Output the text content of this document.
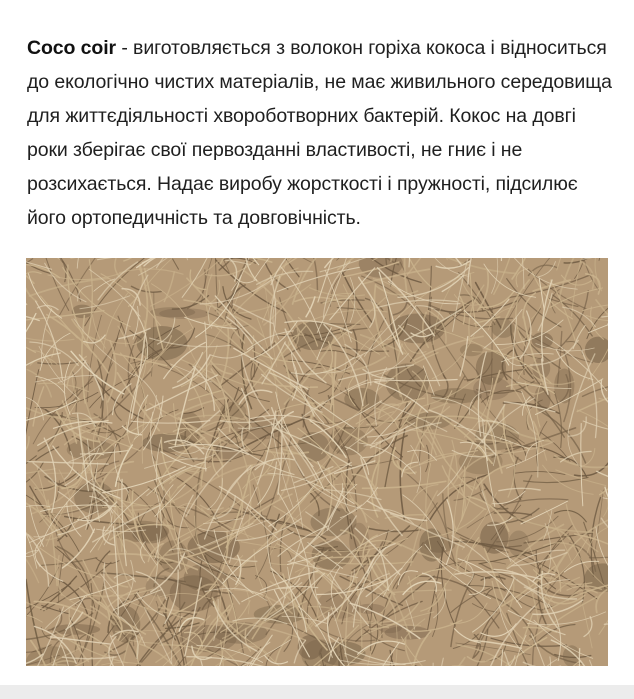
Coco coir - виготовляється з волокон горіха кокоса і відноситься до екологічно чистих матеріалів, не має живильного середовища для життєдіяльності хвороботворних бактерій. Кокос на довгі роки зберігає свої первозданні властивості, не гниє і не розсихається. Надає виробу жорсткості і пружності, підсилює його ортопедичність та довговічність.
